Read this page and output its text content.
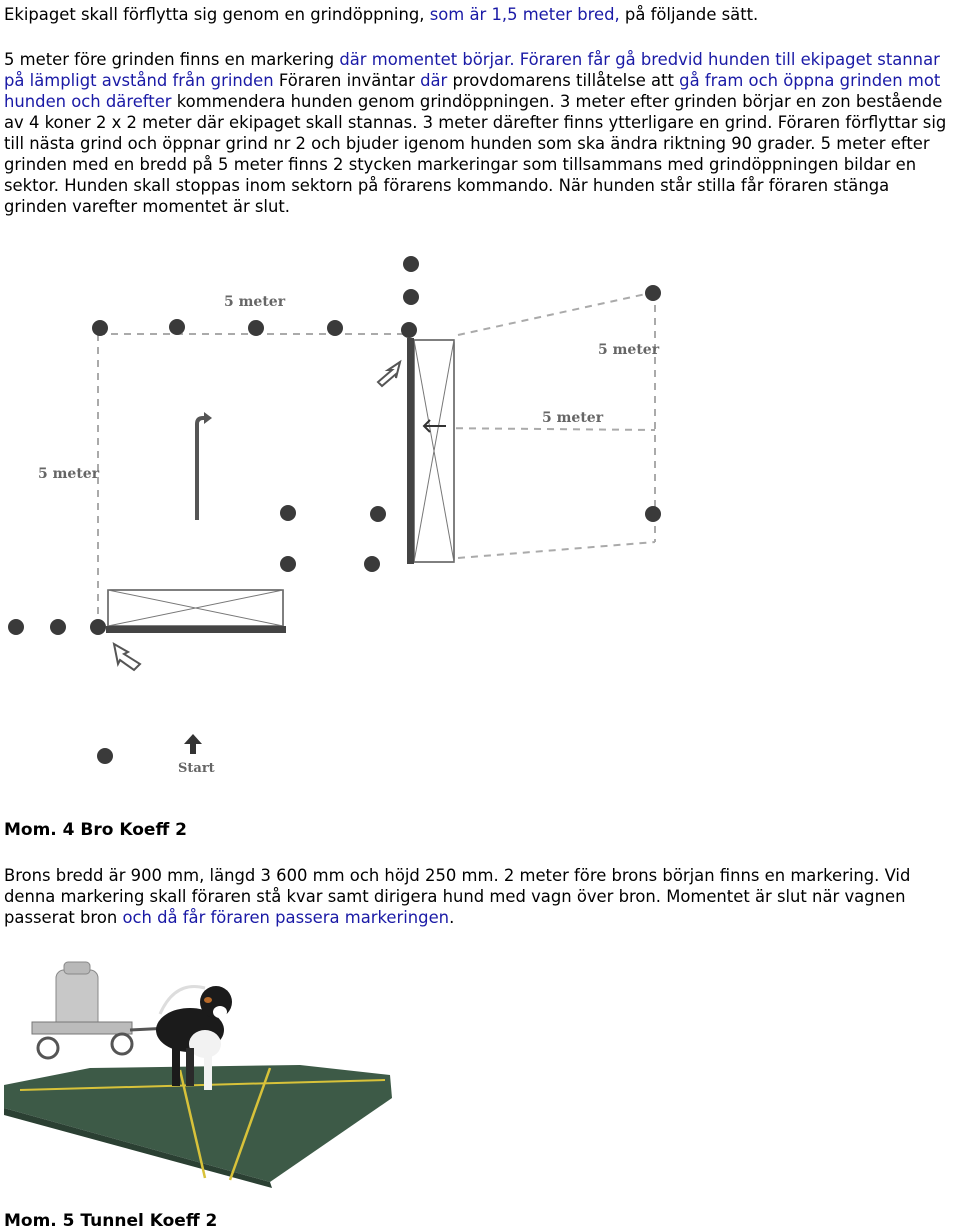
Ekipaget skall förflytta sig genom en grindöppning, som är 1,5 meter bred, på följande sätt.

5 meter före grinden finns en markering där momentet börjar. Föraren får gå bredvid hunden till ekipaget stannar på lämpligt avstånd från grinden Föraren inväntar där provdomarens tillåtelse att gå fram och öppna grinden mot hunden och därefter kommendera hunden genom grindöppningen. 3 meter efter grinden börjar en zon bestående av 4 koner 2 x 2 meter där ekipaget skall stannas. 3 meter därefter finns ytterligare en grind. Föraren förflyttar sig till nästa grind och öppnar grind nr 2 och bjuder igenom hunden som ska ändra riktning 90 grader. 5 meter efter grinden med en bredd på 5 meter finns 2 stycken markeringar som tillsammans med grindöppningen bildar en sektor. Hunden skall stoppas inom sektorn på förarens kommando. När hunden står stilla får föraren stänga grinden varefter momentet är slut.

5 meter
5 meter
5 meter
5 meter
Start
Mom. 4 Bro Koeff 2

Brons bredd är 900 mm, längd 3 600 mm och höjd 250 mm. 2 meter före brons början finns en markering. Vid denna markering skall föraren stå kvar samt dirigera hund med vagn över bron. Momentet är slut när vagnen passerat bron och då får föraren passera markeringen.

Mom. 5 Tunnel Koeff 2
